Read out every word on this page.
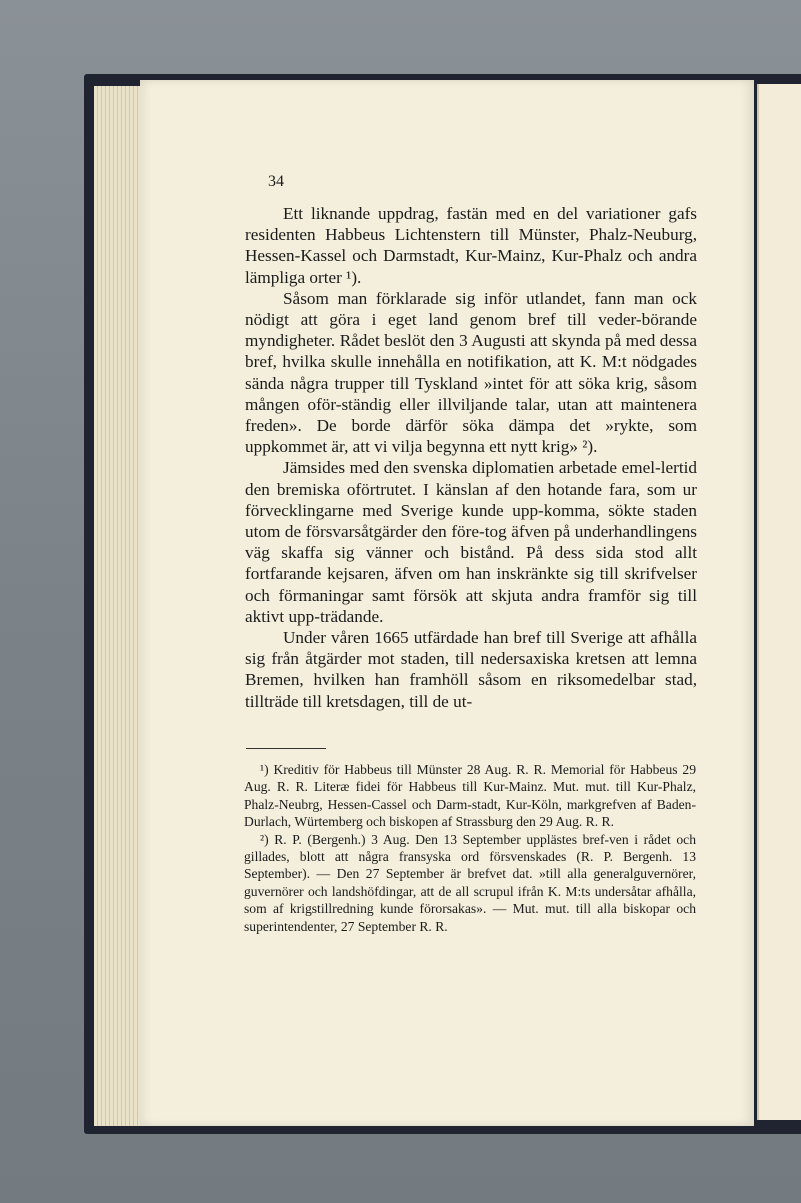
34

Ett liknande uppdrag, fastän med en del variationer gafs residenten Habbeus Lichtenstern till Münster, Phalz-Neuburg, Hessen-Kassel och Darmstadt, Kur-Mainz, Kur-Phalz och andra lämpliga orter ¹).

Såsom man förklarade sig inför utlandet, fann man ock nödigt att göra i eget land genom bref till veder-börande myndigheter. Rådet beslöt den 3 Augusti att skynda på med dessa bref, hvilka skulle innehålla en notifikation, att K. M:t nödgades sända några trupper till Tyskland »intet för att söka krig, såsom mången oför-ständig eller illviljande talar, utan att maintenera freden». De borde därför söka dämpa det »rykte, som uppkommet är, att vi vilja begynna ett nytt krig» ²).

Jämsides med den svenska diplomatien arbetade emel-lertid den bremiska oförtrutet. I känslan af den hotande fara, som ur förvecklingarne med Sverige kunde upp-komma, sökte staden utom de försvarsåtgärder den före-tog äfven på underhandlingens väg skaffa sig vänner och bistånd. På dess sida stod allt fortfarande kejsaren, äfven om han inskränkte sig till skrifvelser och förmaningar samt försök att skjuta andra framför sig till aktivt upp-trädande.

Under våren 1665 utfärdade han bref till Sverige att afhålla sig från åtgärder mot staden, till nedersaxiska kretsen att lemna Bremen, hvilken han framhöll såsom en riksomedelbar stad, tillträde till kretsdagen, till de ut-

¹) Kreditiv för Habbeus till Münster 28 Aug. R. R. Memorial för Habbeus 29 Aug. R. R. Literæ fidei för Habbeus till Kur-Mainz. Mut. mut. till Kur-Phalz, Phalz-Neubrg, Hessen-Cassel och Darm-stadt, Kur-Köln, markgrefven af Baden-Durlach, Würtemberg och biskopen af Strassburg den 29 Aug. R. R.

²) R. P. (Bergenh.) 3 Aug. Den 13 September upplästes bref-ven i rådet och gillades, blott att några fransyska ord försvenskades (R. P. Bergenh. 13 September). — Den 27 September är brefvet dat. »till alla generalguvernörer, guvernörer och landshöfdingar, att de all scrupul ifrån K. M:ts undersåtar afhålla, som af krigstillredning kunde förorsakas». — Mut. mut. till alla biskopar och superintendenter, 27 September R. R.
